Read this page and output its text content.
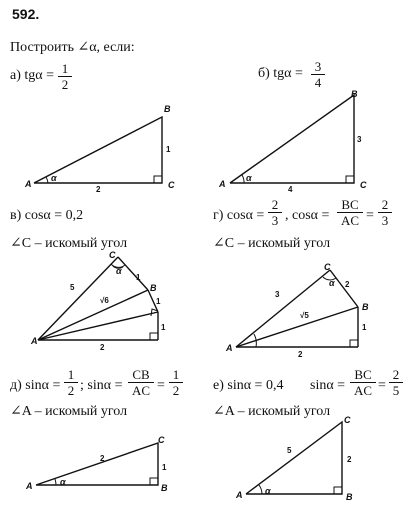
592.
Построить ∠α, если:
а) tgα = 1
2
б) tgα = 3
4
в) cosα = 0,2
∠C – искомый угол
г) cosα =
2
3 , cosα =
BC
AC =
2
3
∠C – искомый угол
д) sinα =
1
2 ; sinα =
CB
AC =
1
2
∠A – искомый угол
е) sinα = 0,4 sinα =
BC
AC =
2
5
∠A – искомый угол
A
B
C
α
1
2
A
B
C
α
3
4
A
C
B
α
5
√6
1
1
1
2	A
C
B
α
3
2
√5
1
2
A
C
B
α
2
1
A
C
B
α
5
2
